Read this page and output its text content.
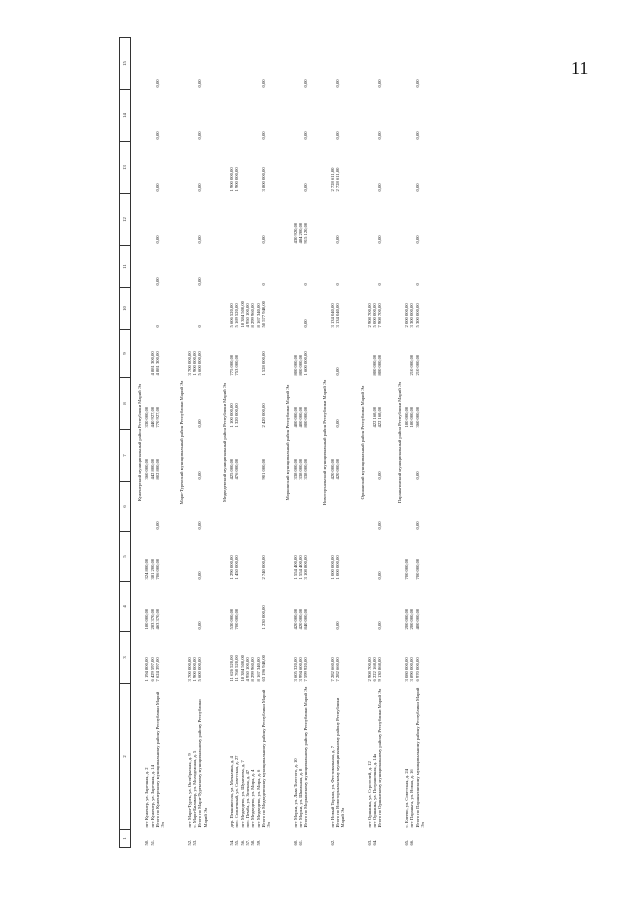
11
1	2	3	4	5	6	7	8	9	10	11	12	13	14	15
Куженерский муниципальный район Республики Марий Эл														
50.	пгт Куженер, ул. Заречная, д. 2	1 194 800,00	180 000,00	324 800,00		360 000,00	330 000,00							
51.	пгт Куженер, ул. Заречная, д. 14	6 429 597,00	283 370,00	381 200,00		442 800,00	440 927,00	4 881 300,00						
	Итого по Куженерскому муниципальному району Республики Марий Эл	7 624 397,00	463 370,00	706 000,00	0,00	802 800,00	770 927,00	4 881 300,00	0	0,00	0,00	0,00	0,00	0,00
Мари-Турекский муниципальный район Республики Марий Эл														
52.	пгт Мари-Турек, ул. Октябрьская, д. 9	3 700 000,00						3 700 000,00						
53.	с. Мари-Билямор, ул. Молодежная, д. 5	1 900 000,00						1 900 000,00						
	Итого по Мари-Турекскому муниципальному району Республики Марий Эл	5 600 000,00	0,00	0,00	0,00	0,00	0,00	5 600 000,00	0	0,00	0,00	0,00	0,00	0,00
Медведевский муниципальный район Республики Марий Эл														
54.	дер. Пекшиксола, ул. Мочалина, д. 4	11 626 520,00	530 000,00	1 290 000,00		425 000,00	1 100 000,00	775 000,00	5 606 520,00			1 900 000,00		
55.	пос. Солнечный, ул. Советская, д. 27	11 768 520,00	700 000,00	1 450 000,00		476 000,00	1 320 000,00	753 000,00	5 169 520,00			1 900 000,00		
56.	пгт Медведево, ул. Шумелева, д. 7	18 384 500,00							18 384 500,00					
57.	пос. Пемба, ул. Зеленая, д. 47	4 950 100,00							4 950 100,00					
58.	пгт Медведево, ул. Мира, д. 4	8 299 960,00							8 299 960,00					
59.	пгт Медведево, ул. Мира, д. 6	8 167 340,00							8 167 340,00					
	Итого по Медведевскому муниципальному району Республики Марий Эл	63 196 940,00	1 230 000,00	2 740 000,00		901 000,00	2 420 000,00	1 528 000,00	50 577 940,00	0	0,00	3 800 000,00	0,00	0,00
Моркинский муниципальный район Республики Марий Эл														
60.	пгт Морки, ул. Льва Толстого, д. 10	3 605 320,00	420 000,00	1 554 400,00		338 000,00	400 000,00	800 000,00			430 920,00			
61.	пгт Морки, ул. Школьная, д. 8	3 994 600,00	420 000,00	1 554 400,00		338 000,00	400 000,00	800 000,00			484 200,00			
	Итого по Моркинскому муниципальному району Республики Марий Эл	7 599 920,00	840 000,00	3 108 800,00		338 000,00	800 000,00	1 600 000,00	0,00	0	915 120,00	0,00	0,00	0,00
Новоторъяльский муниципальный район Республики Марий Эл														
62.	пгт Новый Торъял, ул. Фестивальная, д. 7	7 282 660,00		1 000 000,00		420 000,00			3 134 040,00			2 728 611,00		
	Итого по Новоторъяльскому муниципальному району Республики Марий Эл	7 282 660,00	0,00	1 000 000,00		420 000,00	0,00	0,00	3 134 040,00	0	0,00	2 728 611,00	0,00	0,00
Оршанский муниципальный район Республики Марий Эл														
63.	пгт Оршанка, ул. Стротелей, д. 12	2 908 700,00							2 908 700,00					
64.	пгт Оршанка, ул. Пограничная, д. 14а	6 222 168,00					422 168,00	800 000,00	5 000 000,00					
	Итого по Оршанскому муниципальному району Республики Марий Эл	9 130 868,00	0,00	0,00	0,00	0,00	422 168,00	800 000,00	7 908 700,00	0	0,00	0,00	0,00	0,00
Параньгинский муниципальный район Республики Марий Эл														
65.	с. Елеево, ул. Советская, д. 24	3 080 000,00	200 000,00	700 000,00			180 000,00		2 000 000,00					
66.	пгт Параньга, ул. Новая, д. 16	3 890 000,00	200 000,00				180 000,00	210 000,00	3 300 000,00					
	Итого по Параньгинскому муниципальному району Республики Марий Эл	6 970 000,00	400 000,00	700 000,00	0,00	0,00	360 000,00	210 000,00	5 300 000,00	0	0,00	0,00	0,00	0,00
